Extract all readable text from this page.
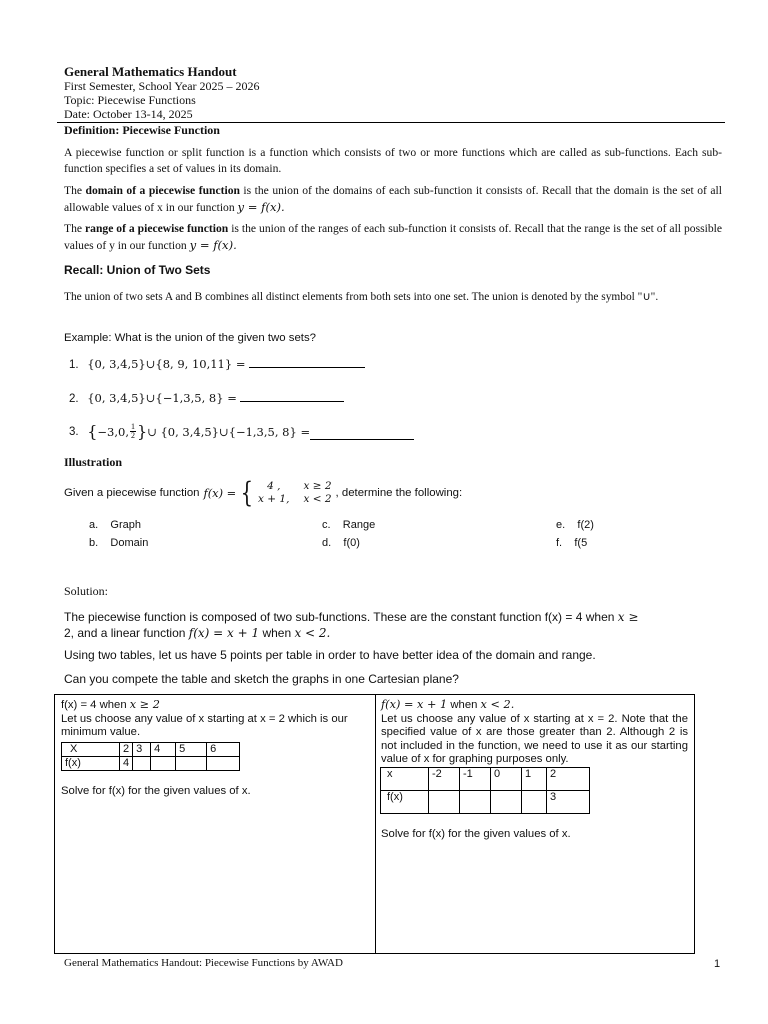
General Mathematics Handout
First Semester, School Year 2025 – 2026
Topic: Piecewise Functions
Date: October 13-14, 2025
Definition: Piecewise Function

A piecewise function or split function is a function which consists of two or more functions which are called as sub-functions. Each sub-function specifies a set of values in its domain.

The domain of a piecewise function is the union of the domains of each sub-function it consists of. Recall that the domain is the set of all allowable values of x in our function y = f(x).

The range of a piecewise function is the union of the ranges of each sub-function it consists of. Recall that the range is the set of all possible values of y in our function y = f(x).

Recall: Union of Two Sets

The union of two sets A and B combines all distinct elements from both sets into one set. The union is denoted by the symbol "∪".

Example: What is the union of the given two sets?
1. {0, 3,4,5}∪{8, 9, 10,11} =
2. {0, 3,4,5}∪{−1,3,5, 8} =
3.
{ −3,0, 1
2 } ∪ {0, 3,4,5}∪{−1,3,5, 8} =
Illustration
Given a piecewise function f(x) = {	4 ,	x ≥ 2
x + 1, x < 2 , determine the following:
a. Graph
b. Domain
c. Range
d. f(0)
e. f(2)
f. f(5
Solution:

The piecewise function is composed of two sub-functions. These are the constant function f(x) = 4 when x ≥
2, and a linear function f(x) = x + 1 when x < 2.

Using two tables, let us have 5 points per table in order to have better idea of the domain and range.

Can you compete the table and sketch the graphs in one Cartesian plane?

f(x) = 4 when x ≥ 2
Let us choose any value of x starting at x = 2 which is our minimum value.
X	2	3	4	5	6
f(x)	4				
Solve for f(x) for the given values of x.
f(x) = x + 1 when x < 2.
Let us choose any value of x starting at x = 2. Note that the specified value of x are those greater than 2. Although 2 is not included in the function, we need to use it as our starting value of x for graphing purposes only.
x	-2	-1	0	1	2
f(x)					3
Solve for f(x) for the given values of x.
General Mathematics Handout: Piecewise Functions by AWAD	1
